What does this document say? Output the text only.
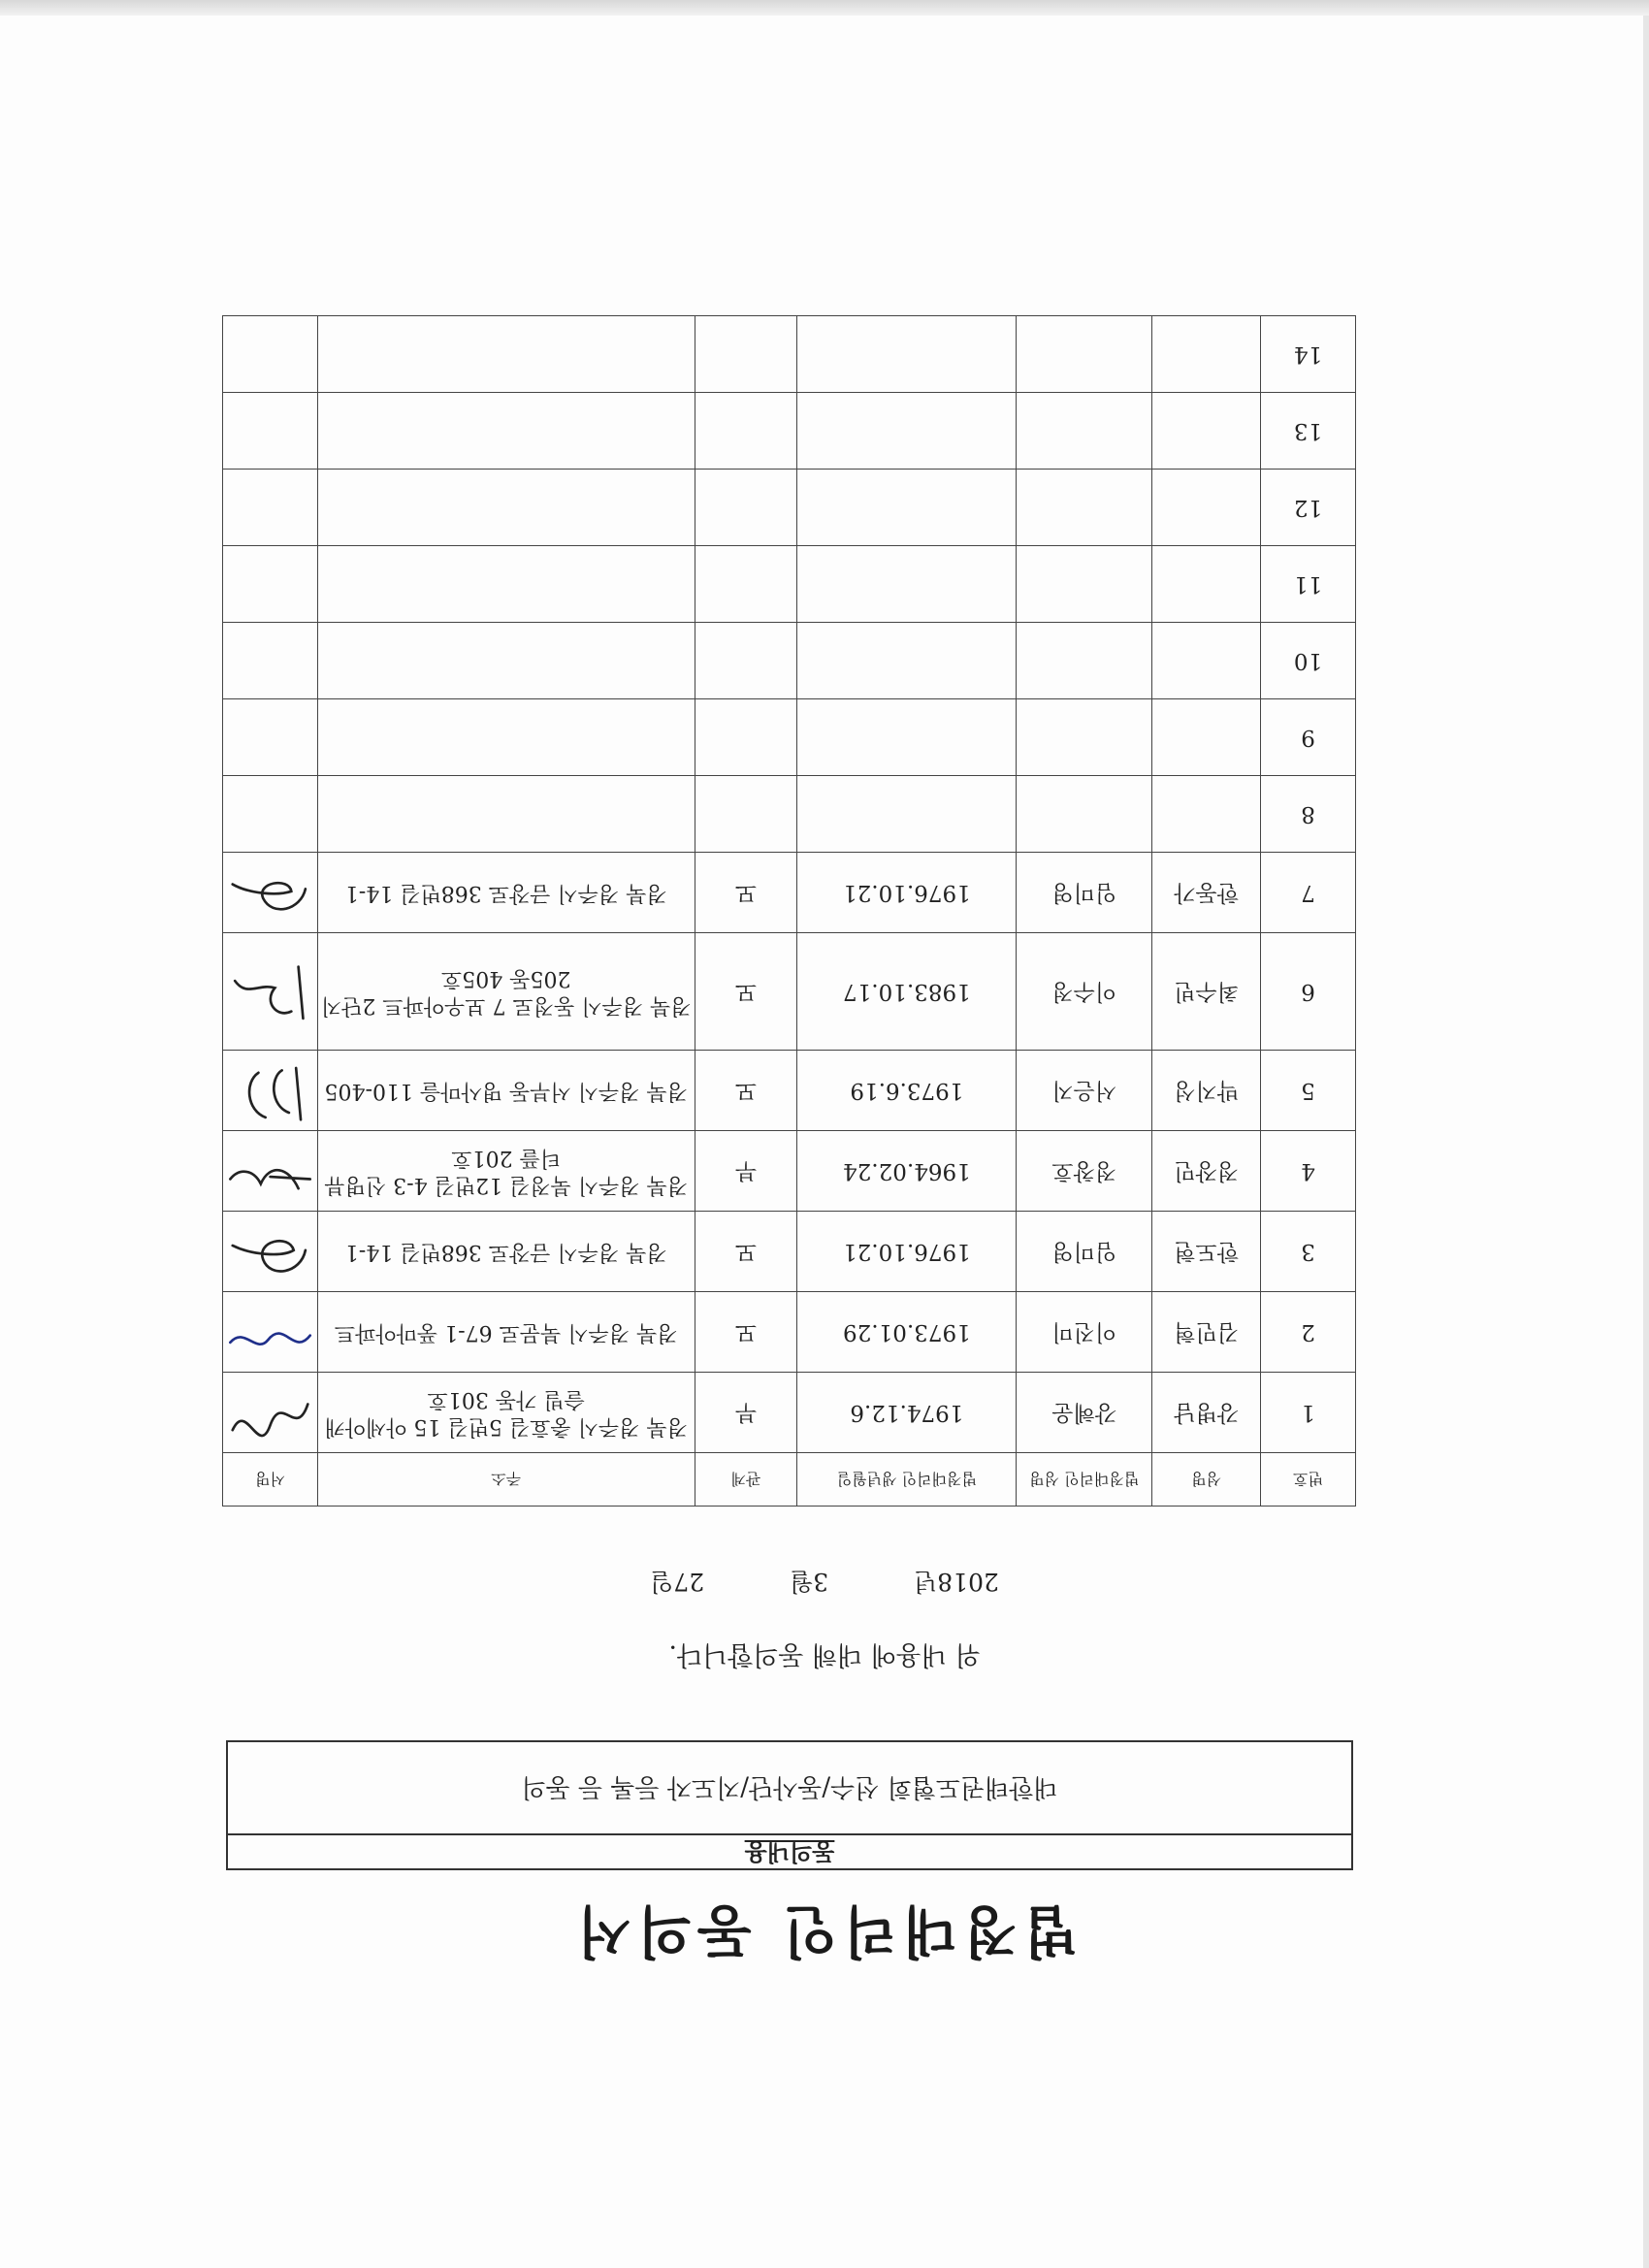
법정대리인 동의서
동의내용
대한태권도협회 선수/동사단/지도자 등록 등 동의
위 내용에 대해 동의합니다.
2018년 3월 27일
번호	성명	법정대리인 성명	법정대리인 생년월일	관계	주소	서명
1	강병남	강혜운	1974.12.6	부	경북 경주시 충효길 5번길 15 아세아캐슬빌 가동 301호	
2	김민혁	이진미	1973.01.29	모	경북 경주시 북문로 67-1 풍마아파트	
3	한도현	임미영	1976.10.21	모	경북 경주시 금장로 368번길 14-1	
4	정장민	정창호	1964.02.24	부	경북 경주시 북정길 12번길 4-3 신명뷰티플 201호	
5	박지성	서은지	1973.6.19	모	경북 경주시 서부동 명사마을 110-405	
6	최수빈	이수정	1983.10.17	모	경북 경주시 동정로 7 보우아파트 2단지 205동 405호	
7	한동가	임미영	1976.10.21	모	경북 경주시 금장로 368번길 14-1	
8						
9						
10						
11						
12						
13						
14						
